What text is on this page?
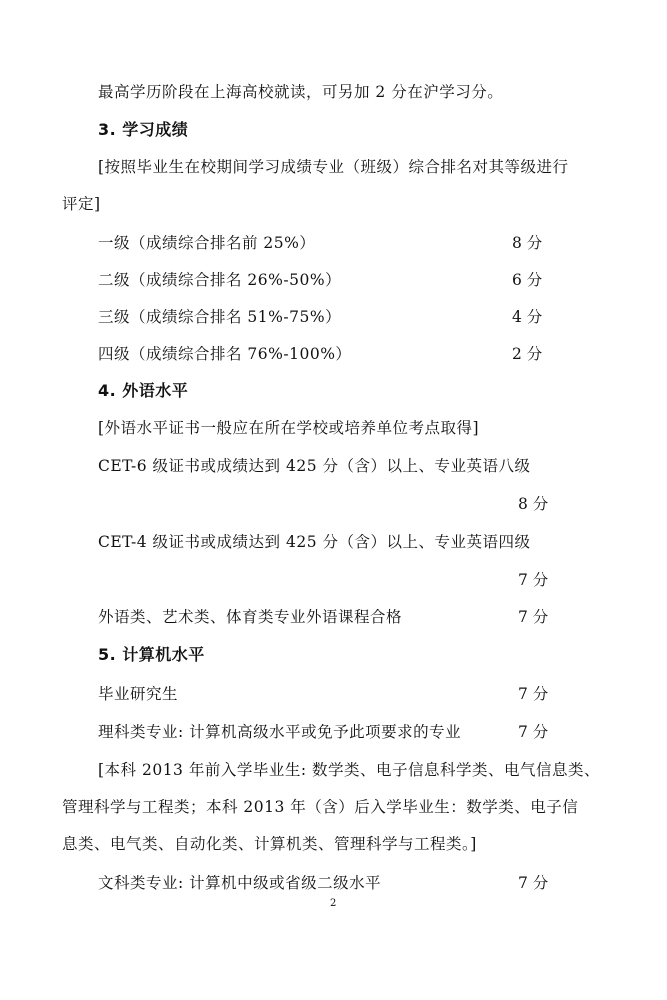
最高学历阶段在上海高校就读，可另加 2 分在沪学习分。
3. 学习成绩
[按照毕业生在校期间学习成绩专业（班级）综合排名对其等级进行
评定]
一级（成绩综合排名前 25%）	8 分
二级（成绩综合排名 26%-50%）	6 分
三级（成绩综合排名 51%-75%）	4 分
四级（成绩综合排名 76%-100%）	2 分
4. 外语水平
[外语水平证书一般应在所在学校或培养单位考点取得]
CET-6 级证书或成绩达到 425 分（含）以上、专业英语八级
8 分
CET-4 级证书或成绩达到 425 分（含）以上、专业英语四级
7 分
外语类、艺术类、体育类专业外语课程合格	7 分
5. 计算机水平
毕业研究生	7 分
理科类专业: 计算机高级水平或免予此项要求的专业	7 分
[本科 2013 年前入学毕业生: 数学类、电子信息科学类、电气信息类、
管理科学与工程类；本科 2013 年（含）后入学毕业生：数学类、电子信
息类、电气类、自动化类、计算机类、管理科学与工程类。]
文科类专业: 计算机中级或省级二级水平	7 分
2
